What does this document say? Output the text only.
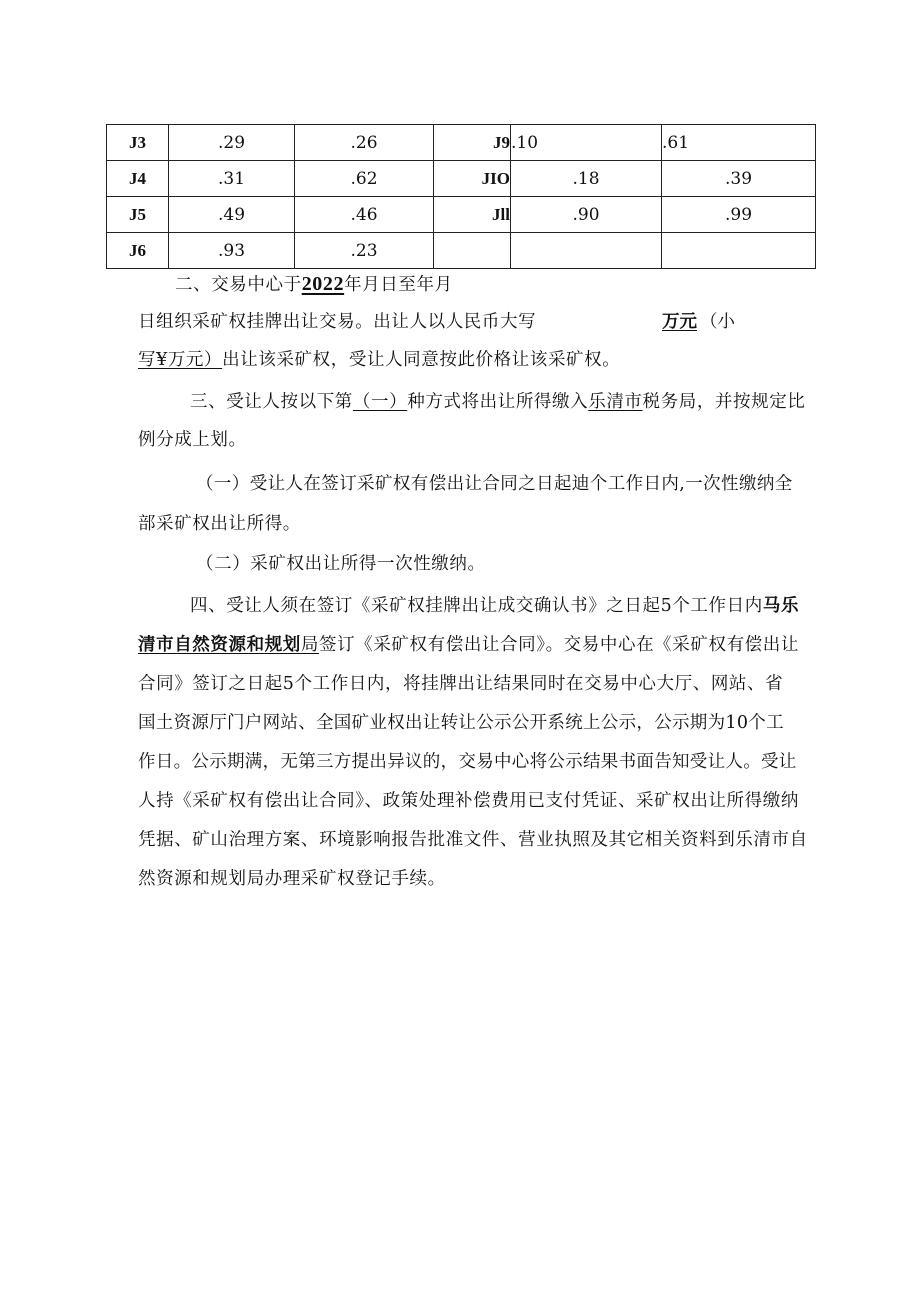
J3	.29	.26	J9	.10	.61
J4	.31	.62	JIO	.18	.39
J5	.49	.46	Jll	.90	.99
J6	.93	.23			
二、交易中心于2022年月日至年月
日组织采矿权挂牌出让交易。出让人以人民币大写	万元 （小
写¥万元）出让该采矿权，受让人同意按此价格让该采矿权。
三、受让人按以下第（一）种方式将出让所得缴入乐清市税务局，并按规定比
例分成上划。
（一）受让人在签订采矿权有偿出让合同之日起迪个工作日内,一次性缴纳全
部采矿权出让所得。
（二）采矿权出让所得一次性缴纳。
四、受让人须在签订《采矿权挂牌出让成交确认书》之日起5个工作日内马乐
清市自然资源和规划局签订《采矿权有偿出让合同》。交易中心在《采矿权有偿出让
合同》签订之日起5个工作日内，将挂牌出让结果同时在交易中心大厅、网站、省
国土资源厅门户网站、全国矿业权出让转让公示公开系统上公示，公示期为10个工
作日。公示期满，无第三方提出异议的，交易中心将公示结果书面告知受让人。受让
人持《采矿权有偿出让合同》、政策处理补偿费用已支付凭证、采矿权出让所得缴纳
凭据、矿山治理方案、环境影响报告批准文件、营业执照及其它相关资料到乐清市自
然资源和规划局办理采矿权登记手续。
